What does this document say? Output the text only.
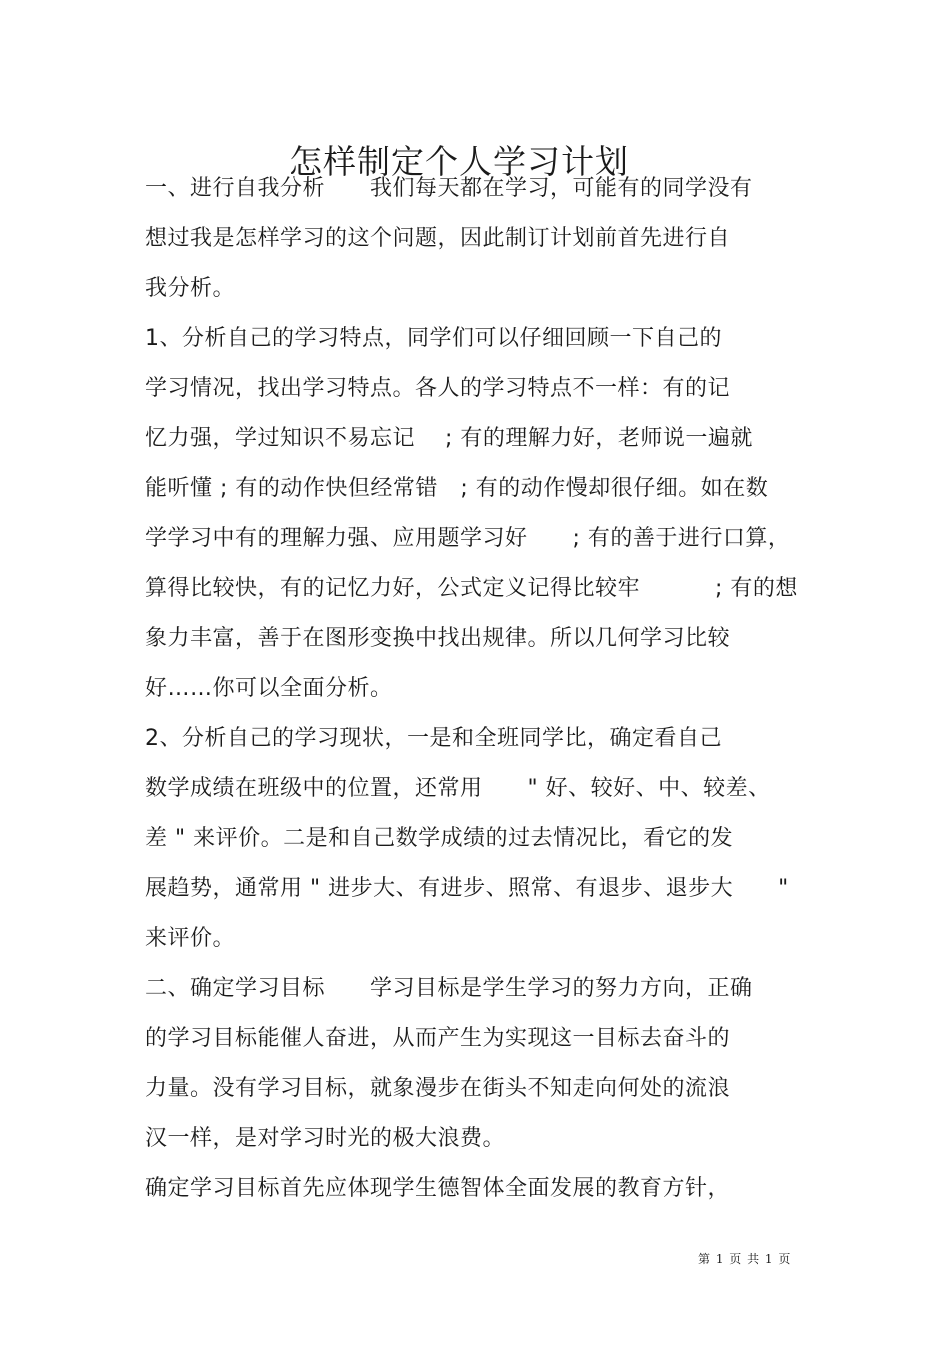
怎样制定个人学习计划
一、进行自我分析　　我们每天都在学习，可能有的同学没有
想过我是怎样学习的这个问题，因此制订计划前首先进行自
我分析。
1、分析自己的学习特点，同学们可以仔细回顾一下自己的
学习情况，找出学习特点。各人的学习特点不一样：有的记
忆力强，学过知识不易忘记　 ; 有的理解力好，老师说一遍就
能听懂 ; 有的动作快但经常错　; 有的动作慢却很仔细。如在数
学学习中有的理解力强、应用题学习好　　; 有的善于进行口算，
算得比较快，有的记忆力好，公式定义记得比较牢　　　 ; 有的想
象力丰富，善于在图形变换中找出规律。所以几何学习比较
好……你可以全面分析。
2、分析自己的学习现状，一是和全班同学比，确定看自己
数学成绩在班级中的位置，还常用　　" 好、较好、中、较差、
差 " 来评价。二是和自己数学成绩的过去情况比，看它的发
展趋势，通常用 " 进步大、有进步、照常、有退步、退步大　　"
来评价。
二、确定学习目标　　学习目标是学生学习的努力方向，正确
的学习目标能催人奋进，从而产生为实现这一目标去奋斗的
力量。没有学习目标，就象漫步在街头不知走向何处的流浪
汉一样，是对学习时光的极大浪费。
确定学习目标首先应体现学生德智体全面发展的教育方针，
第 1 页 共 1 页
